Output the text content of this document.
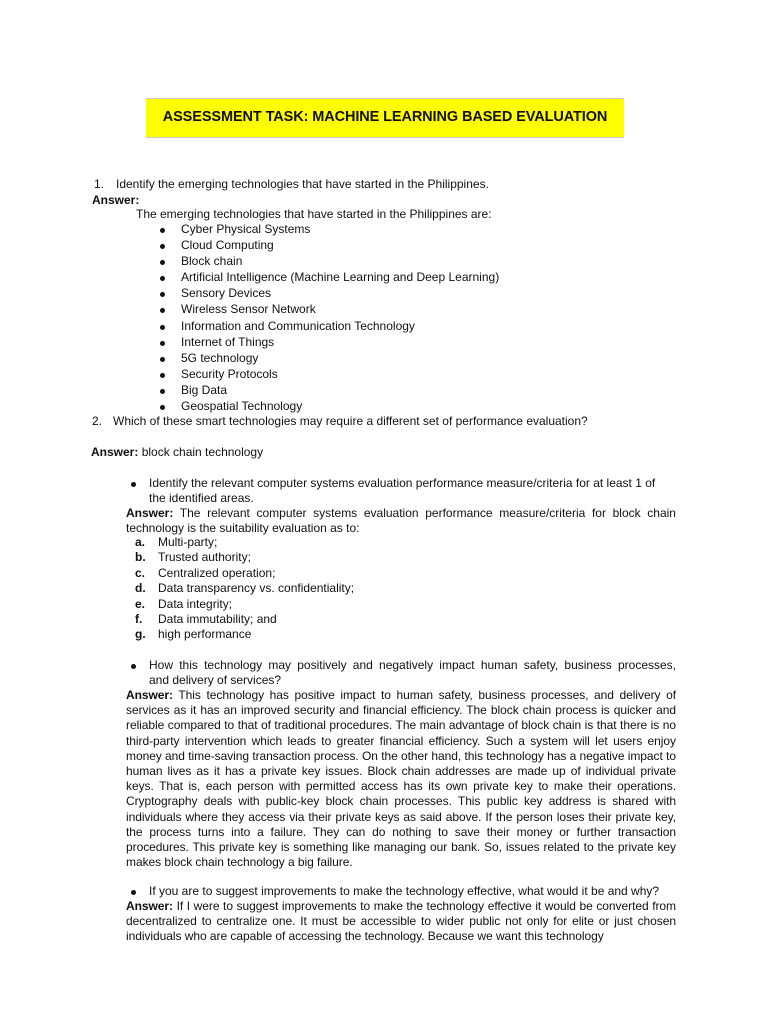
ASSESSMENT TASK: MACHINE LEARNING BASED EVALUATION
1. Identify the emerging technologies that have started in the Philippines.
Answer:
The emerging technologies that have started in the Philippines are:
Cyber Physical Systems
Cloud Computing
Block chain
Artificial Intelligence (Machine Learning and Deep Learning)
Sensory Devices
Wireless Sensor Network
Information and Communication Technology
Internet of Things
5G technology
Security Protocols
Big Data
Geospatial Technology
2. Which of these smart technologies may require a different set of performance evaluation?
Answer: block chain technology
Identify the relevant computer systems evaluation performance measure/criteria for at least 1 of
the identified areas.
Answer: The relevant computer systems evaluation performance measure/criteria for block chain
technology is the suitability evaluation as to:
a. Multi-party;
b. Trusted authority;
c. Centralized operation;
d. Data transparency vs. confidentiality;
e. Data integrity;
f. Data immutability; and
g. high performance
How this technology may positively and negatively impact human safety, business processes,
and delivery of services?
Answer: This technology has positive impact to human safety, business processes, and delivery of services as it has an improved security and financial efficiency. The block chain process is quicker and reliable compared to that of traditional procedures. The main advantage of block chain is that there is no third-party intervention which leads to greater financial efficiency. Such a system will let users enjoy money and time-saving transaction process. On the other hand, this technology has a negative impact to human lives as it has a private key issues. Block chain addresses are made up of individual private keys. That is, each person with permitted access has its own private key to make their operations. Cryptography deals with public-key block chain processes. This public key address is shared with individuals where they access via their private keys as said above. If the person loses their private key, the process turns into a failure. They can do nothing to save their money or further transaction procedures. This private key is something like managing our bank. So, issues related to the private key makes block chain technology a big failure.
If you are to suggest improvements to make the technology effective, what would it be and why?
Answer: If I were to suggest improvements to make the technology effective it would be converted from decentralized to centralize one. It must be accessible to wider public not only for elite or just chosen individuals who are capable of accessing the technology. Because we want this technology
